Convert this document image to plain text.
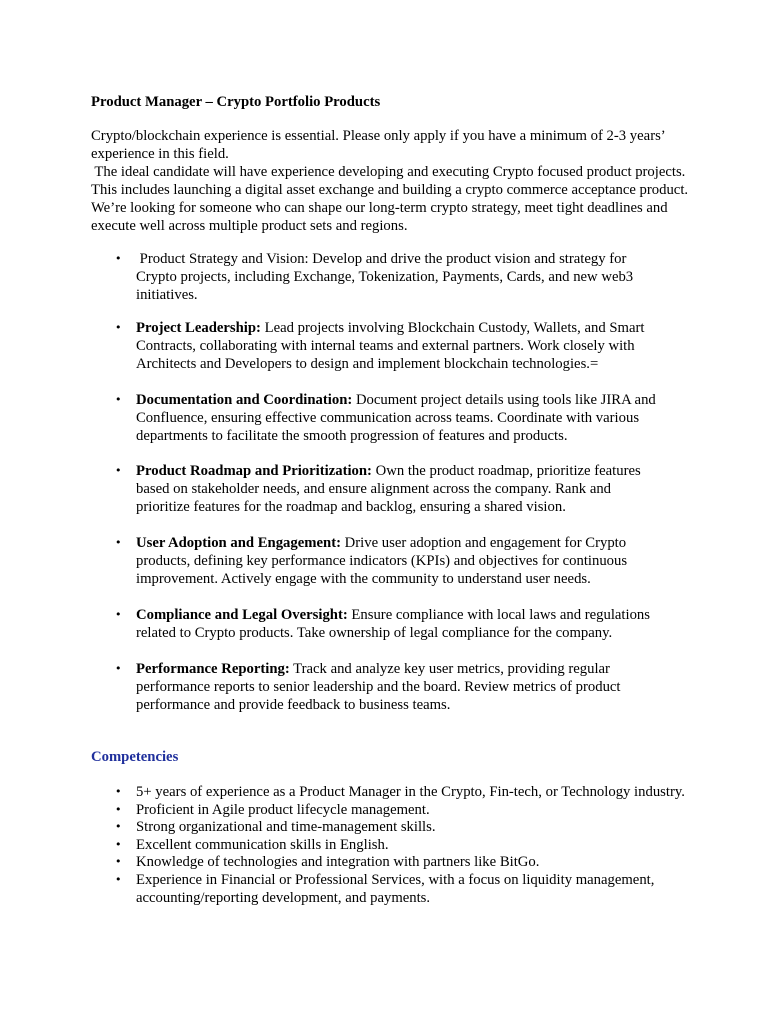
Product Manager – Crypto Portfolio Products

Crypto/blockchain experience is essential. Please only apply if you have a minimum of 2-3 years’
experience in this field.
The ideal candidate will have experience developing and executing Crypto focused product projects.
This includes launching a digital asset exchange and building a crypto commerce acceptance product.
We’re looking for someone who can shape our long-term crypto strategy, meet tight deadlines and
execute well across multiple product sets and regions.
• Product Strategy and Vision: Develop and drive the product vision and strategy for Crypto projects, including Exchange, Tokenization, Payments, Cards, and new web3 initiatives.
• Project Leadership: Lead projects involving Blockchain Custody, Wallets, and Smart Contracts, collaborating with internal teams and external partners. Work closely with Architects and Developers to design and implement blockchain technologies.=
• Documentation and Coordination: Document project details using tools like JIRA and Confluence, ensuring effective communication across teams. Coordinate with various departments to facilitate the smooth progression of features and products.
• Product Roadmap and Prioritization: Own the product roadmap, prioritize features based on stakeholder needs, and ensure alignment across the company. Rank and prioritize features for the roadmap and backlog, ensuring a shared vision.
• User Adoption and Engagement: Drive user adoption and engagement for Crypto products, defining key performance indicators (KPIs) and objectives for continuous improvement. Actively engage with the community to understand user needs.
• Compliance and Legal Oversight: Ensure compliance with local laws and regulations related to Crypto products. Take ownership of legal compliance for the company.
• Performance Reporting: Track and analyze key user metrics, providing regular performance reports to senior leadership and the board. Review metrics of product performance and provide feedback to business teams.

Competencies

• 5+ years of experience as a Product Manager in the Crypto, Fin-tech, or Technology industry.
• Proficient in Agile product lifecycle management.
• Strong organizational and time-management skills.
• Excellent communication skills in English.
• Knowledge of technologies and integration with partners like BitGo.
• Experience in Financial or Professional Services, with a focus on liquidity management, accounting/reporting development, and payments.
